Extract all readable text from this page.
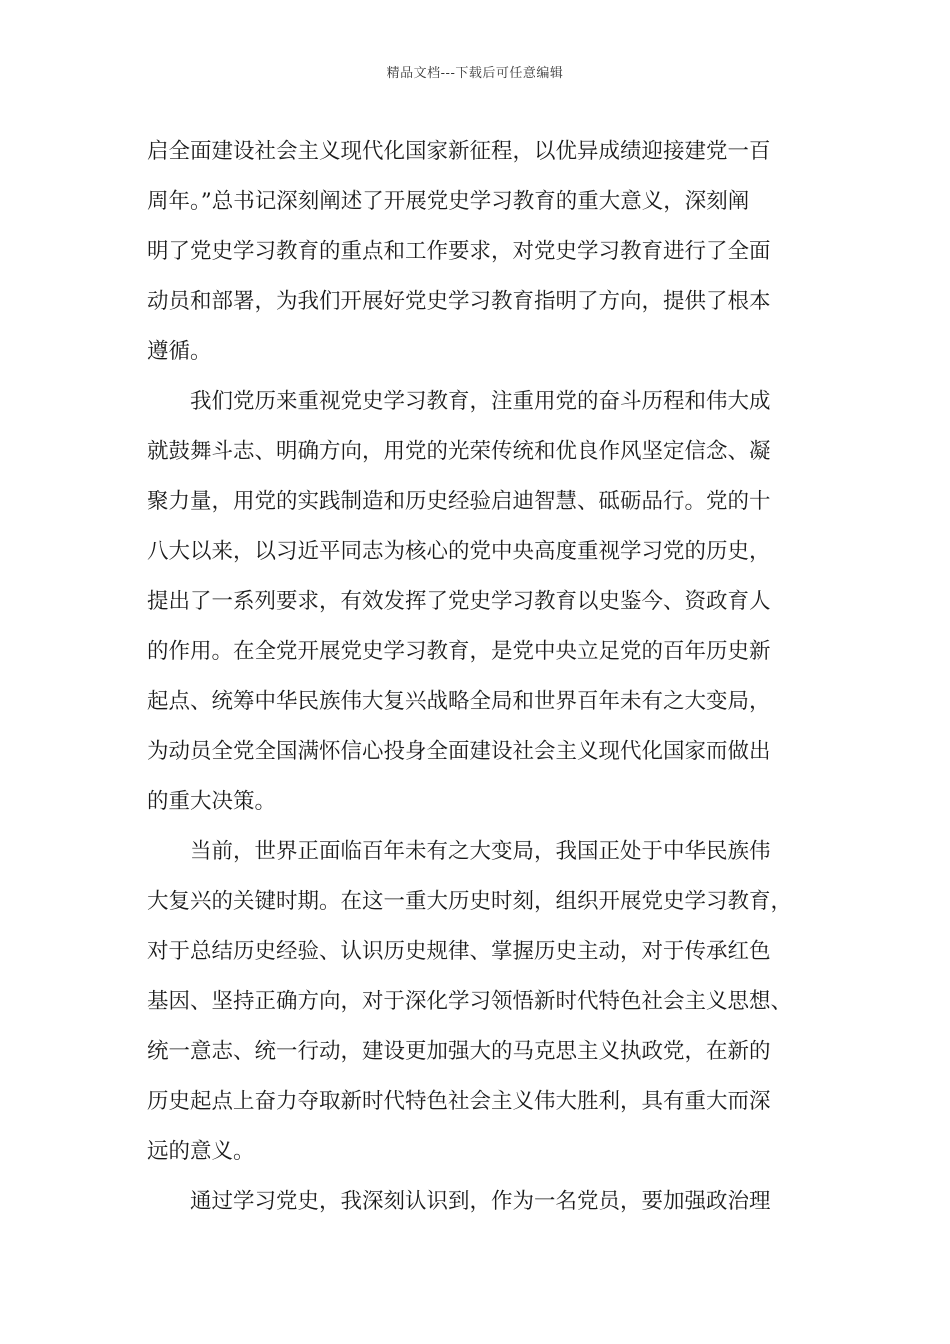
精品文档---下载后可任意编辑
启全面建设社会主义现代化国家新征程，以优异成绩迎接建党一百
周年。”总书记深刻阐述了开展党史学习教育的重大意义，深刻阐
明了党史学习教育的重点和工作要求，对党史学习教育进行了全面
动员和部署，为我们开展好党史学习教育指明了方向，提供了根本
遵循。
我们党历来重视党史学习教育，注重用党的奋斗历程和伟大成
就鼓舞斗志、明确方向，用党的光荣传统和优良作风坚定信念、凝
聚力量，用党的实践制造和历史经验启迪智慧、砥砺品行。党的十
八大以来，以习近平同志为核心的党中央高度重视学习党的历史，
提出了一系列要求，有效发挥了党史学习教育以史鉴今、资政育人
的作用。在全党开展党史学习教育，是党中央立足党的百年历史新
起点、统筹中华民族伟大复兴战略全局和世界百年未有之大变局，
为动员全党全国满怀信心投身全面建设社会主义现代化国家而做出
的重大决策。
当前，世界正面临百年未有之大变局，我国正处于中华民族伟
大复兴的关键时期。在这一重大历史时刻，组织开展党史学习教育，
对于总结历史经验、认识历史规律、掌握历史主动，对于传承红色
基因、坚持正确方向，对于深化学习领悟新时代特色社会主义思想、
统一意志、统一行动，建设更加强大的马克思主义执政党，在新的
历史起点上奋力夺取新时代特色社会主义伟大胜利，具有重大而深
远的意义。
通过学习党史，我深刻认识到，作为一名党员，要加强政治理
